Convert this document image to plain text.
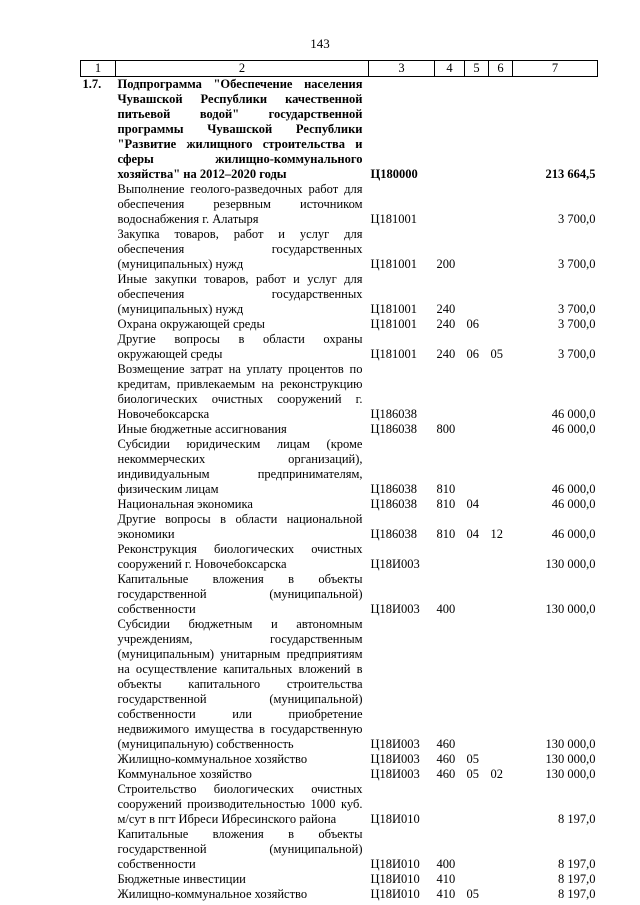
143
1	2	3	4	5	6	7
1.7.	Подпрограмма "Обеспечение населения Чувашской Республики качественной питьевой водой" государственной программы Чувашской Республики "Развитие жилищного строительства и сферы жилищно-коммунального хозяйства" на 2012–2020 годы	Ц180000				213 664,5
	Выполнение геолого-разведочных работ для обеспечения резервным источником водоснабжения г. Алатыря	Ц181001				3 700,0
	Закупка товаров, работ и услуг для обеспечения государственных (муниципальных) нужд	Ц181001	200			3 700,0
	Иные закупки товаров, работ и услуг для обеспечения государственных (муниципальных) нужд	Ц181001	240			3 700,0
	Охрана окружающей среды	Ц181001	240	06		3 700,0
	Другие вопросы в области охраны окружающей среды	Ц181001	240	06	05	3 700,0
	Возмещение затрат на уплату процентов по кредитам, привлекаемым на реконструкцию биологических очистных сооружений г. Новочебоксарска	Ц186038				46 000,0
	Иные бюджетные ассигнования	Ц186038	800			46 000,0
	Субсидии юридическим лицам (кроме некоммерческих организаций), индивидуальным предпринимателям, физическим лицам	Ц186038	810			46 000,0
	Национальная экономика	Ц186038	810	04		46 000,0
	Другие вопросы в области национальной экономики	Ц186038	810	04	12	46 000,0
	Реконструкция биологических очистных сооружений г. Новочебоксарска	Ц18И003				130 000,0
	Капитальные вложения в объекты государственной (муниципальной) собственности	Ц18И003	400			130 000,0
	Субсидии бюджетным и автономным учреждениям, государственным (муниципальным) унитарным предприятиям на осуществление капитальных вложений в объекты капитального строительства государственной (муниципальной) собственности или приобретение недвижимого имущества в государственную (муниципальную) собственность	Ц18И003	460			130 000,0
	Жилищно-коммунальное хозяйство	Ц18И003	460	05		130 000,0
	Коммунальное хозяйство	Ц18И003	460	05	02	130 000,0
	Строительство биологических очистных сооружений производительностью 1000 куб. м/сут в пгт Ибреси Ибресинского района	Ц18И010				8 197,0
	Капитальные вложения в объекты государственной (муниципальной) собственности	Ц18И010	400			8 197,0
	Бюджетные инвестиции	Ц18И010	410			8 197,0
	Жилищно-коммунальное хозяйство	Ц18И010	410	05		8 197,0
